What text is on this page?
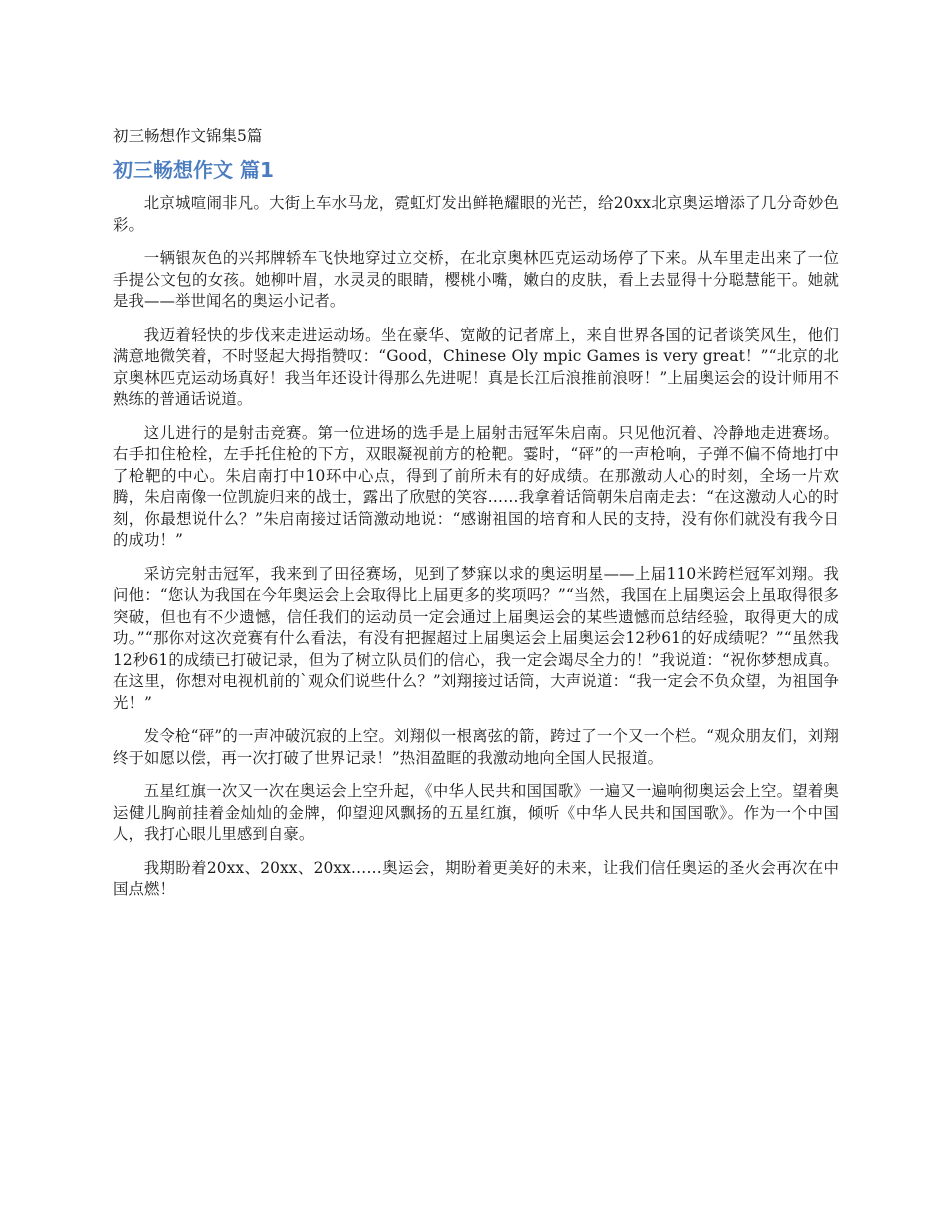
初三畅想作文锦集5篇
初三畅想作文 篇1

北京城喧闹非凡。大街上车水马龙，霓虹灯发出鲜艳耀眼的光芒，给20xx北京奥运增添了几分奇妙色彩。

一辆银灰色的兴邦牌轿车飞快地穿过立交桥，在北京奥林匹克运动场停了下来。从车里走出来了一位手提公文包的女孩。她柳叶眉，水灵灵的眼睛，樱桃小嘴，嫩白的皮肤，看上去显得十分聪慧能干。她就是我——举世闻名的奥运小记者。

我迈着轻快的步伐来走进运动场。坐在豪华、宽敞的记者席上，来自世界各国的记者谈笑风生，他们满意地微笑着，不时竖起大拇指赞叹：“Good，Chinese Oly mpic Games is very great！”“北京的北京奥林匹克运动场真好！我当年还设计得那么先进呢！真是长江后浪推前浪呀！”上届奥运会的设计师用不熟练的普通话说道。

这儿进行的是射击竞赛。第一位进场的选手是上届射击冠军朱启南。只见他沉着、冷静地走进赛场。右手扣住枪栓，左手托住枪的下方，双眼凝视前方的枪靶。霎时，“砰”的一声枪响，子弹不偏不倚地打中了枪靶的中心。朱启南打中10环中心点，得到了前所未有的好成绩。在那激动人心的时刻，全场一片欢腾，朱启南像一位凯旋归来的战士，露出了欣慰的笑容……我拿着话筒朝朱启南走去：“在这激动人心的时刻，你最想说什么？”朱启南接过话筒激动地说：“感谢祖国的培育和人民的支持，没有你们就没有我今日的成功！”

采访完射击冠军，我来到了田径赛场，见到了梦寐以求的奥运明星——上届110米跨栏冠军刘翔。我问他：“您认为我国在今年奥运会上会取得比上届更多的奖项吗？”“当然，我国在上届奥运会上虽取得很多突破，但也有不少遗憾，信任我们的运动员一定会通过上届奥运会的某些遗憾而总结经验，取得更大的成功。”“那你对这次竞赛有什么看法，有没有把握超过上届奥运会上届奥运会12秒61的好成绩呢？”“虽然我12秒61的成绩已打破记录，但为了树立队员们的信心，我一定会竭尽全力的！”我说道：“祝你梦想成真。在这里，你想对电视机前的`观众们说些什么？”刘翔接过话筒，大声说道：“我一定会不负众望，为祖国争光！”

发令枪“砰”的一声冲破沉寂的上空。刘翔似一根离弦的箭，跨过了一个又一个栏。“观众朋友们，刘翔终于如愿以偿，再一次打破了世界记录！”热泪盈眶的我激动地向全国人民报道。

五星红旗一次又一次在奥运会上空升起，《中华人民共和国国歌》一遍又一遍响彻奥运会上空。望着奥运健儿胸前挂着金灿灿的金牌，仰望迎风飘扬的五星红旗，倾听《中华人民共和国国歌》。作为一个中国人，我打心眼儿里感到自豪。

我期盼着20xx、20xx、20xx……奥运会，期盼着更美好的未来，让我们信任奥运的圣火会再次在中国点燃！
